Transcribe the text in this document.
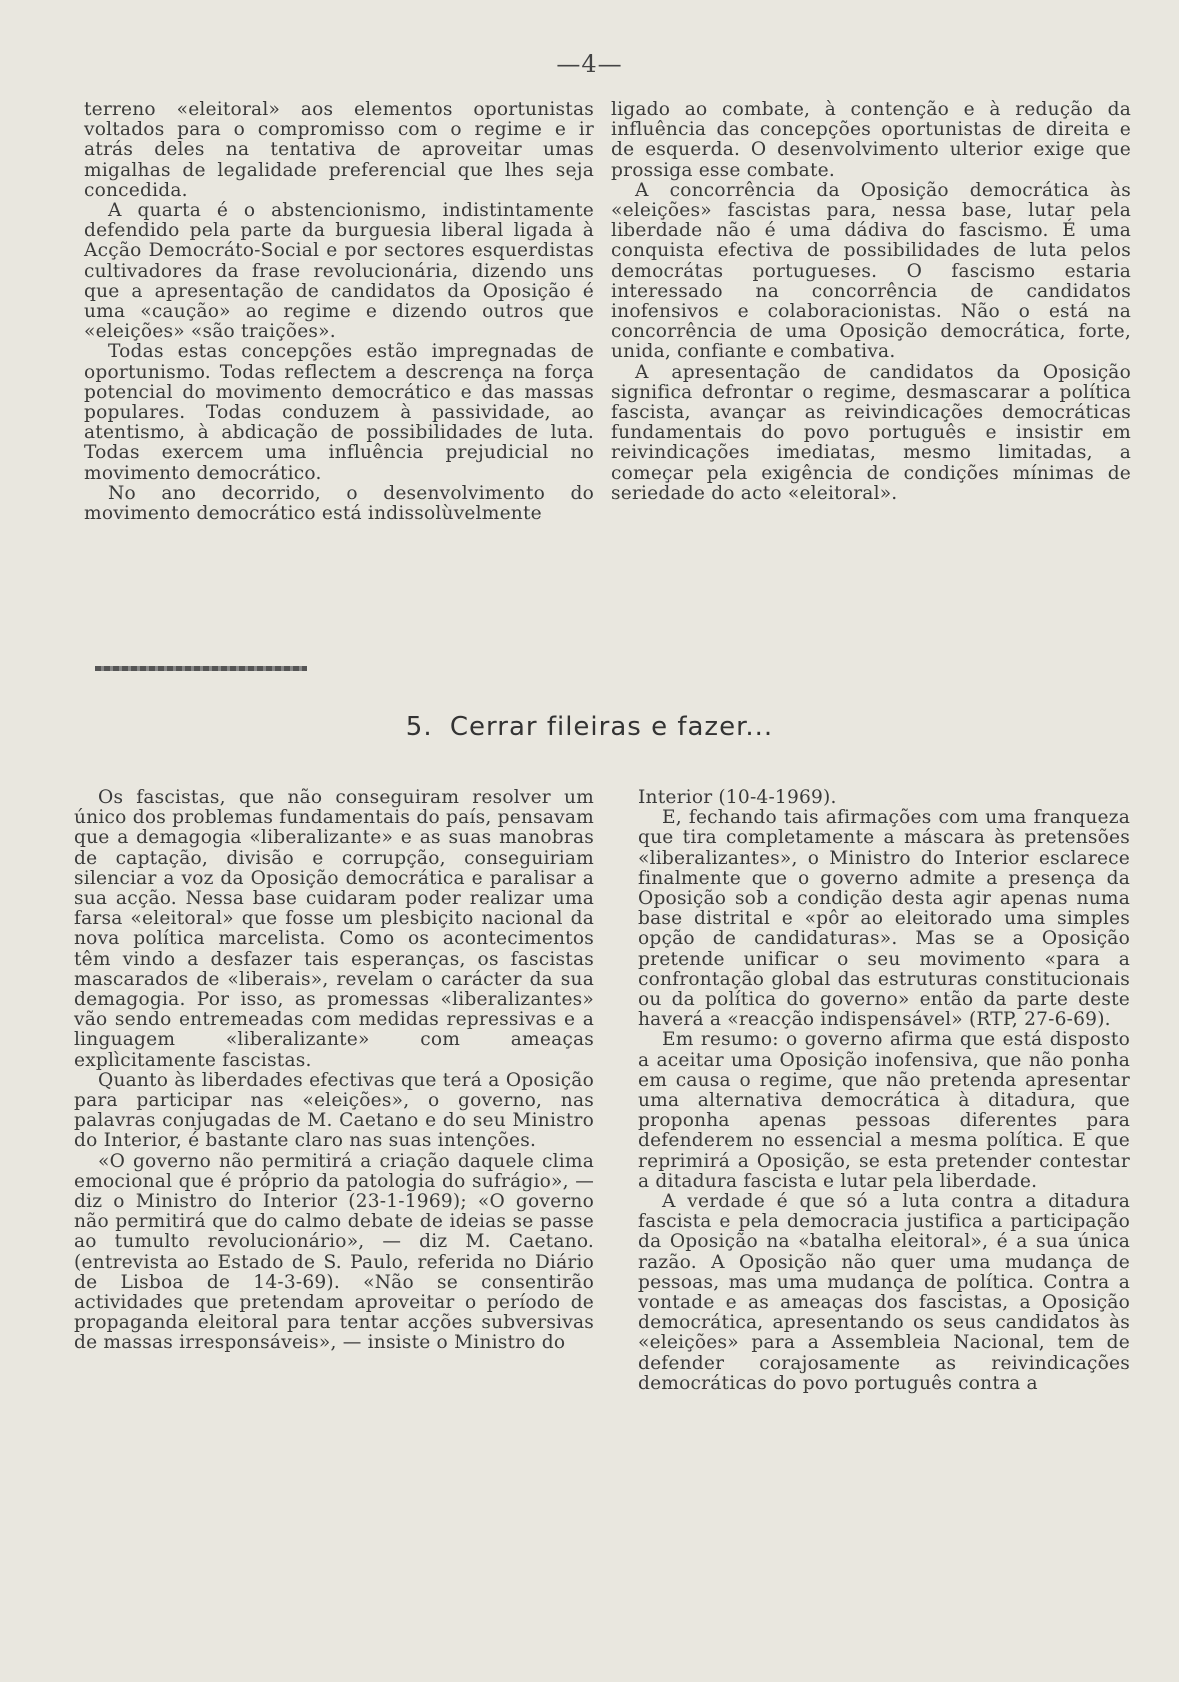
—4—

terreno «eleitoral» aos elementos oportunistas voltados para o compromisso com o regime e ir atrás deles na tentativa de aproveitar umas migalhas de legalidade preferencial que lhes seja concedida.

A quarta é o abstencionismo, indistintamente defendido pela parte da burguesia liberal ligada à Acção Democráto-Social e por sectores esquerdistas cultivadores da frase revolucionária, dizendo uns que a apresentação de candidatos da Oposição é uma «caução» ao regime e dizendo outros que «eleições» «são traições».

Todas estas concepções estão impregnadas de oportunismo. Todas reflectem a descrença na força potencial do movimento democrático e das massas populares. Todas conduzem à passividade, ao atentismo, à abdicação de possibilidades de luta. Todas exercem uma influência prejudicial no movimento democrático.

No ano decorrido, o desenvolvimento do movimento democrático está indissolùvelmente

ligado ao combate, à contenção e à redução da influência das concepções oportunistas de direita e de esquerda. O desenvolvimento ulterior exige que prossiga esse combate.

A concorrência da Oposição democrática às «eleições» fascistas para, nessa base, lutar pela liberdade não é uma dádiva do fascismo. É uma conquista efectiva de possibilidades de luta pelos democrátas portugueses. O fascismo estaria interessado na concorrência de candidatos inofensivos e colaboracionistas. Não o está na concorrência de uma Oposição democrática, forte, unida, confiante e combativa.

A apresentação de candidatos da Oposição significa defrontar o regime, desmascarar a política fascista, avançar as reivindicações democráticas fundamentais do povo português e insistir em reivindicações imediatas, mesmo limitadas, a começar pela exigência de condições mínimas de seriedade do acto «eleitoral».

5. Cerrar fileiras e fazer...

Os fascistas, que não conseguiram resolver um único dos problemas fundamentais do país, pensavam que a demagogia «liberalizante» e as suas manobras de captação, divisão e corrupção, conseguiriam silenciar a voz da Oposição democrática e paralisar a sua acção. Nessa base cuidaram poder realizar uma farsa «eleitoral» que fosse um plesbiçito nacional da nova política marcelista. Como os acontecimentos têm vindo a desfazer tais esperanças, os fascistas mascarados de «liberais», revelam o carácter da sua demagogia. Por isso, as promessas «liberalizantes» vão sendo entremeadas com medidas repressivas e a linguagem «liberalizante» com ameaças explìcitamente fascistas.

Quanto às liberdades efectivas que terá a Oposição para participar nas «eleições», o governo, nas palavras conjugadas de M. Caetano e do seu Ministro do Interior, é bastante claro nas suas intenções.

«O governo não permitirá a criação daquele clima emocional que é próprio da patologia do sufrágio», — diz o Ministro do Interior (23-1-1969); «O governo não permitirá que do calmo debate de ideias se passe ao tumulto revolucionário», — diz M. Caetano. (entrevista ao Estado de S. Paulo, referida no Diário de Lisboa de 14-3-69). «Não se consentirão actividades que pretendam aproveitar o período de propaganda eleitoral para tentar acções subversivas de massas irresponsáveis», — insiste o Ministro do

Interior (10-4-1969).

E, fechando tais afirmações com uma franqueza que tira completamente a máscara às pretensões «liberalizantes», o Ministro do Interior esclarece finalmente que o governo admite a presença da Oposição sob a condição desta agir apenas numa base distrital e «pôr ao eleitorado uma simples opção de candidaturas». Mas se a Oposição pretende unificar o seu movimento «para a confrontação global das estruturas constitucionais ou da política do governo» então da parte deste haverá a «reacção indispensável» (RTP, 27-6-69).

Em resumo: o governo afirma que está disposto a aceitar uma Oposição inofensiva, que não ponha em causa o regime, que não pretenda apresentar uma alternativa democrática à ditadura, que proponha apenas pessoas diferentes para defenderem no essencial a mesma política. E que reprimirá a Oposição, se esta pretender contestar a ditadura fascista e lutar pela liberdade.

A verdade é que só a luta contra a ditadura fascista e pela democracia justifica a participação da Oposição na «batalha eleitoral», é a sua única razão. A Oposição não quer uma mudança de pessoas, mas uma mudança de política. Contra a vontade e as ameaças dos fascistas, a Oposição democrática, apresentando os seus candidatos às «eleições» para a Assembleia Nacional, tem de defender corajosamente as reivindicações democráticas do povo português contra a
